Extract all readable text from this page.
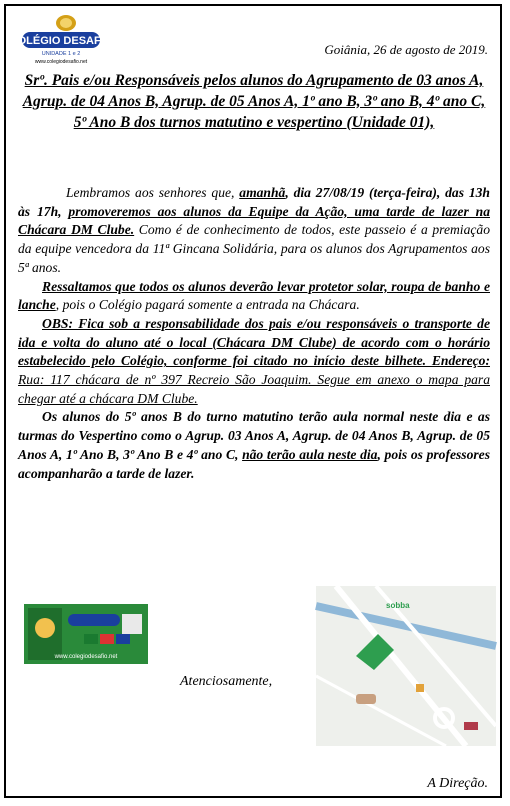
COLÉGIO DESAFIO
UNIDADE 1 e 2
www.colegiodesafio.net
Goiânia, 26 de agosto de 2019.
Srº. Pais e/ou Responsáveis pelos alunos do Agrupamento de 03 anos A, Agrup. de 04 Anos B, Agrup. de 05 Anos A, 1º ano B, 3º ano B, 4º ano C, 5º Ano B dos turnos matutino e vespertino (Unidade 01),

Lembramos aos senhores que, amanhã, dia 27/08/19 (terça-feira), das 13h às 17h, promoveremos aos alunos da Equipe da Ação, uma tarde de lazer na Chácara DM Clube. Como é de conhecimento de todos, este passeio é a premiação da equipe vencedora da 11ª Gincana Solidária, para os alunos dos Agrupamentos aos 5ª anos.

Ressaltamos que todos os alunos deverão levar protetor solar, roupa de banho e lanche, pois o Colégio pagará somente a entrada na Chácara.

OBS: Fica sob a responsabilidade dos pais e/ou responsáveis o transporte de ida e volta do aluno até o local (Chácara DM Clube) de acordo com o horário estabelecido pelo Colégio, conforme foi citado no início deste bilhete. Endereço: Rua: 117 chácara de nº 397 Recreio São Joaquim. Segue em anexo o mapa para chegar até a chácara DM Clube.

Os alunos do 5º anos B do turno matutino terão aula normal neste dia e as turmas do Vespertino como o Agrup. 03 Anos A, Agrup. de 04 Anos B, Agrup. de 05 Anos A, 1º Ano B, 3º Ano B e 4º ano C, não terão aula neste dia, pois os professores acompanharão a tarde de lazer.

www.colegiodesafio.net
Atenciosamente,
sobba
A Direção.
